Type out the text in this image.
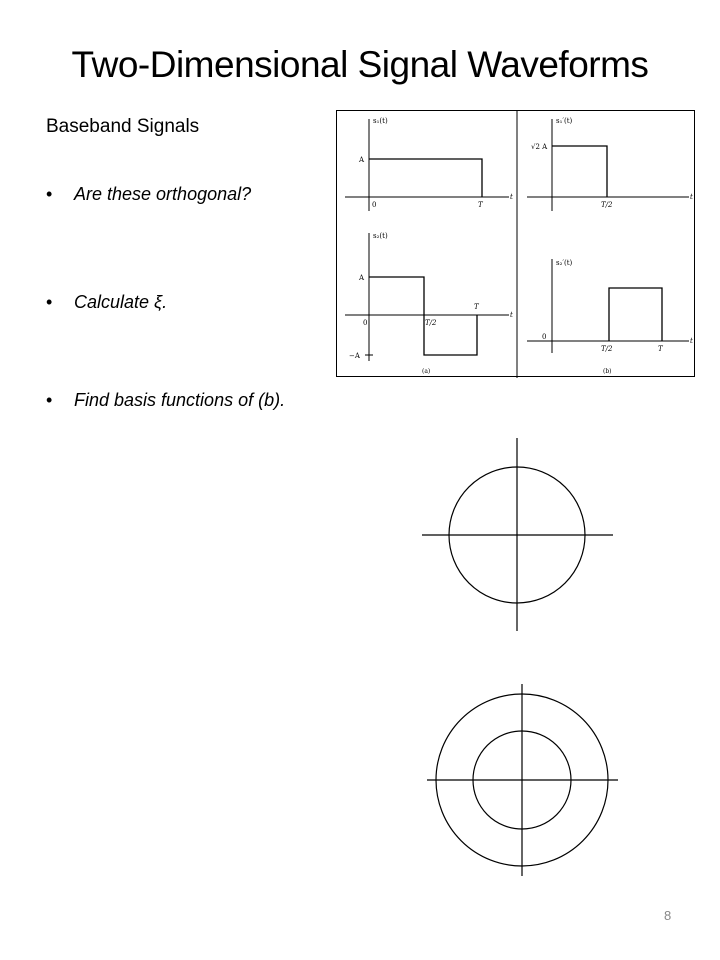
Two-Dimensional Signal Waveforms
Baseband Signals
• Are these orthogonal?
• Calculate ξ.
• Find basis functions of (b).
s₁(t)
A
0	T
t
s₂(t)
A
−A
0	T/2
T
t
(a)
s₁′(t)
√2 A
T/2
t
s₂′(t)
0
T/2	T
t
(b)
8
